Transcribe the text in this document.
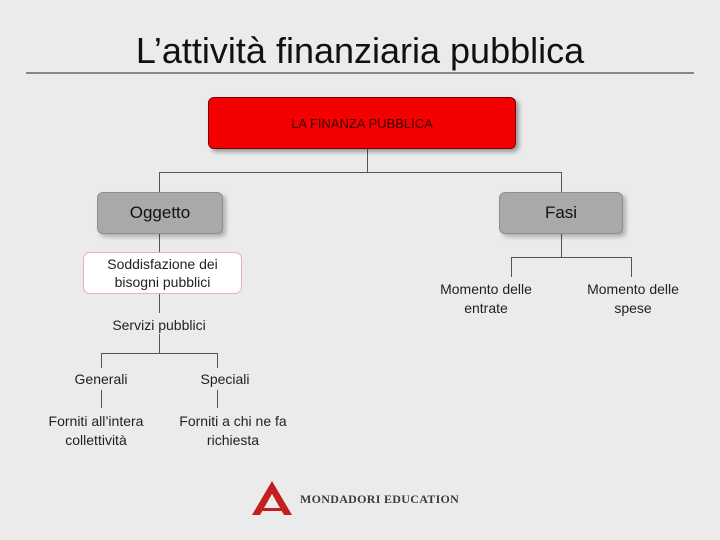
L’attività finanziaria pubblica
LA FINANZA PUBBLICA
Oggetto	Fasi
Soddisfazione dei bisogni pubblici
Servizi pubblici
Generali	Speciali
Forniti all’intera collettività
Forniti a chi ne fa richiesta
Momento delle entrate
Momento delle spese
MONDADORI EDUCATION
